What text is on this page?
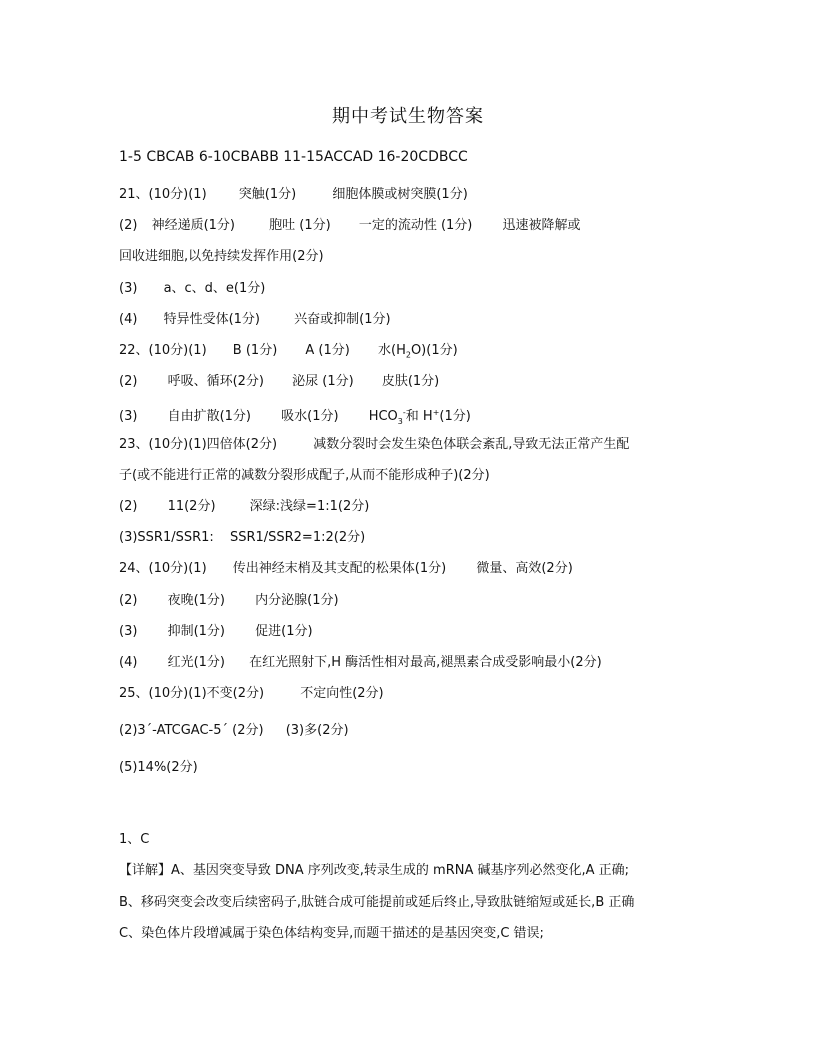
期中考试生物答案
1-5 CBCAB 6-10CBABB 11-15ACCAD 16-20CDBCC
21、(10分)(1) 突触(1分)	细胞体膜或树突膜(1分)
(2) 神经递质(1分)	胞吐 (1分) 一定的流动性 (1分) 迅速被降解或
回收进细胞,以免持续发挥作用(2分)
(3) a、c、d、e(1分)
(4) 特异性受体(1分)	兴奋或抑制(1分)
22、(10分)(1) B (1分) A (1分) 水$(H_2O)(1$分)
(2) 呼吸、循环(2分) 泌尿 (1分) 皮肤(1分)
(3) 自由扩散(1分) 吸水(1分) $HCO_3^-$和 H+(1分)
23、(10分)(1)四倍体(2分)	减数分裂时会发生染色体联会紊乱,导致无法正常产生配
子(或不能进行正常的减数分裂形成配子,从而不能形成种子)(2分)
(2) 11(2分)	深绿:浅绿=1:1(2分)
(3)SSR1/SSR1: SSR1/SSR2=1:2(2分)
24、(10分)(1) 传出神经末梢及其支配的松果体(1分) 微量、高效(2分)
(2) 夜晚(1分) 内分泌腺(1分)
(3) 抑制(1分) 促进(1分)
(4) 红光(1分) 在红光照射下,H 酶活性相对最高,褪黑素合成受影响最小(2分)
25、(10分)(1)不变(2分)	不定向性(2分)
(2)3´-ATCGAC-5´ (2分) (3)多(2分)
(5)14%(2分)
1、C
【详解】A、基因突变导致 DNA 序列改变,转录生成的 mRNA 碱基序列必然变化,A 正确;
B、移码突变会改变后续密码子,肽链合成可能提前或延后终止,导致肽链缩短或延长,B 正确
C、染色体片段增减属于染色体结构变异,而题干描述的是基因突变,C 错误;
